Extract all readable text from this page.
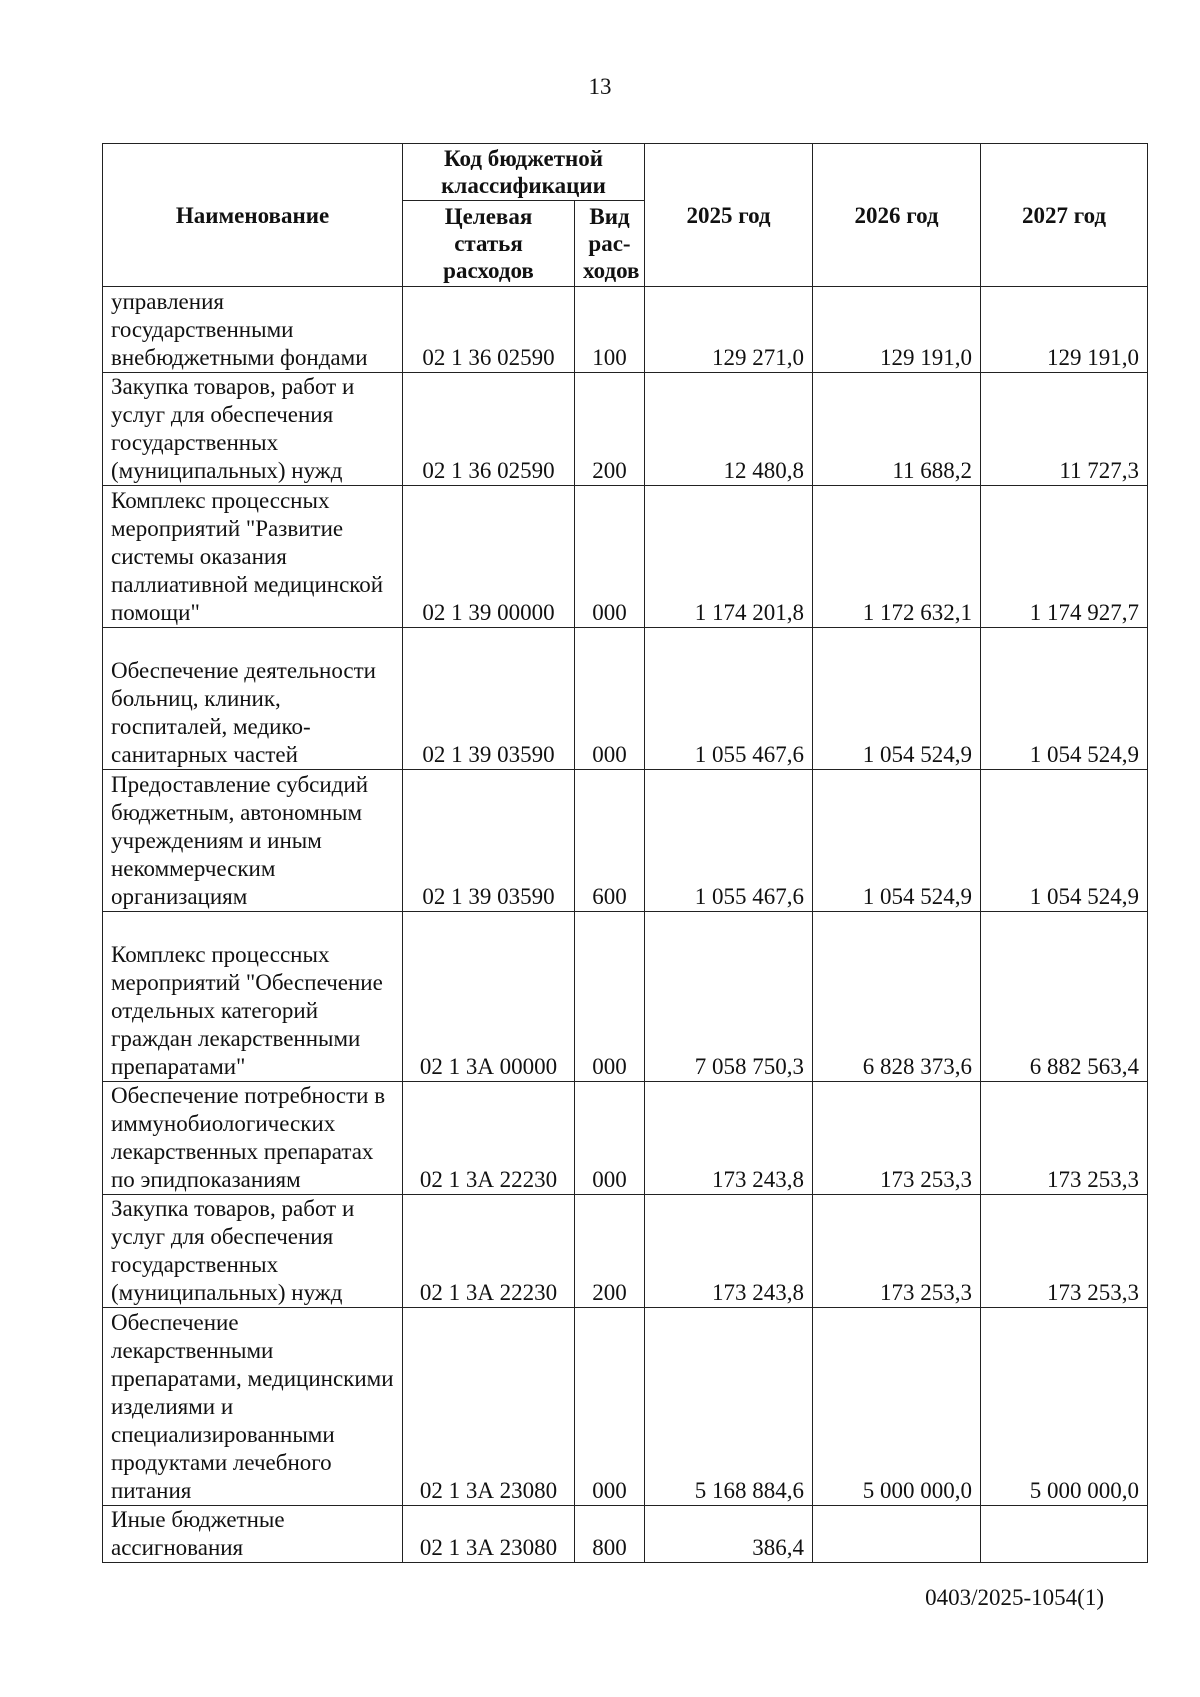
13
Наименование	Код бюджетной классификации		2025 год	2026 год	2027 год
	Целевая статья расходов	Вид рас-ходов			
управления государственными внебюджетными фондами	02 1 36 02590	100	129 271,0	129 191,0	129 191,0
Закупка товаров, работ и услуг для обеспечения государственных (муниципальных) нужд	02 1 36 02590	200	12 480,8	11 688,2	11 727,3
Комплекс процессных мероприятий "Развитие системы оказания паллиативной медицинской помощи"	02 1 39 00000	000	1 174 201,8	1 172 632,1	1 174 927,7
Обеспечение деятельности больниц, клиник, госпиталей, медико-санитарных частей	02 1 39 03590	000	1 055 467,6	1 054 524,9	1 054 524,9
Предоставление субсидий бюджетным, автономным учреждениям и иным некоммерческим организациям	02 1 39 03590	600	1 055 467,6	1 054 524,9	1 054 524,9
Комплекс процессных мероприятий "Обеспечение отдельных категорий граждан лекарственными препаратами"	02 1 3А 00000	000	7 058 750,3	6 828 373,6	6 882 563,4
Обеспечение потребности в иммунобиологических лекарственных препаратах по эпидпоказаниям	02 1 3А 22230	000	173 243,8	173 253,3	173 253,3
Закупка товаров, работ и услуг для обеспечения государственных (муниципальных) нужд	02 1 3А 22230	200	173 243,8	173 253,3	173 253,3
Обеспечение лекарственными препаратами, медицинскими изделиями и специализированными продуктами лечебного питания	02 1 3А 23080	000	5 168 884,6	5 000 000,0	5 000 000,0
Иные бюджетные ассигнования	02 1 3А 23080	800	386,4		
0403/2025-1054(1)
